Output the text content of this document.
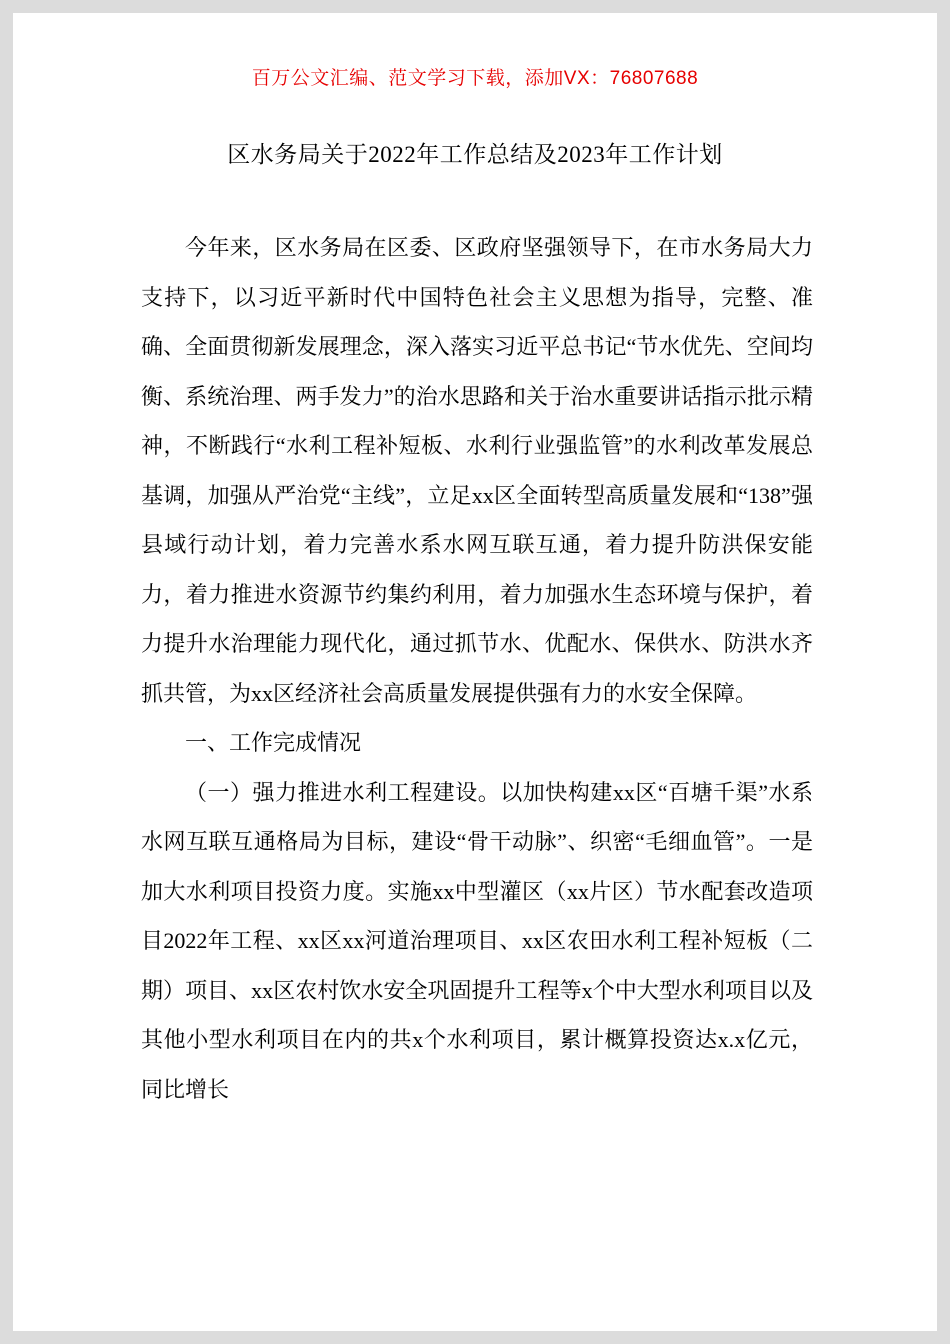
百万公文汇编、范文学习下载，添加VX：76807688
区水务局关于2022年工作总结及2023年工作计划

今年来，区水务局在区委、区政府坚强领导下，在市水务局大力支持下，以习近平新时代中国特色社会主义思想为指导，完整、准确、全面贯彻新发展理念，深入落实习近平总书记“节水优先、空间均衡、系统治理、两手发力”的治水思路和关于治水重要讲话指示批示精神，不断践行“水利工程补短板、水利行业强监管”的水利改革发展总基调，加强从严治党“主线”，立足xx区全面转型高质量发展和“138”强县域行动计划，着力完善水系水网互联互通，着力提升防洪保安能力，着力推进水资源节约集约利用，着力加强水生态环境与保护，着力提升水治理能力现代化，通过抓节水、优配水、保供水、防洪水齐抓共管，为xx区经济社会高质量发展提供强有力的水安全保障。

一、工作完成情况

（一）强力推进水利工程建设。以加快构建xx区“百塘千渠”水系水网互联互通格局为目标，建设“骨干动脉”、织密“毛细血管”。一是加大水利项目投资力度。实施xx中型灌区（xx片区）节水配套改造项目2022年工程、xx区xx河道治理项目、xx区农田水利工程补短板（二期）项目、xx区农村饮水安全巩固提升工程等x个中大型水利项目以及其他小型水利项目在内的共x个水利项目，累计概算投资达x.x亿元，同比增长
